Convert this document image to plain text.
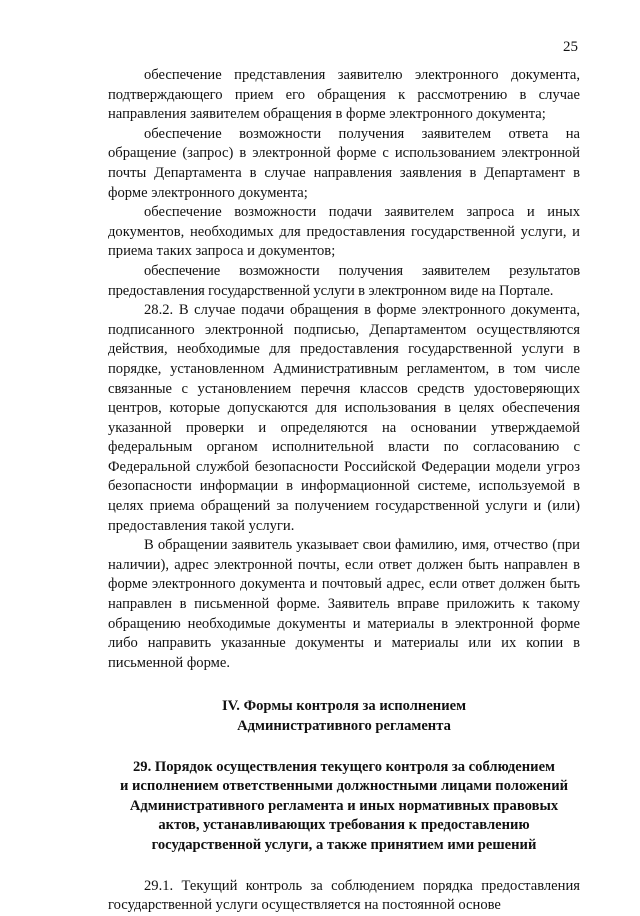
25

обеспечение представления заявителю электронного документа, подтверждающего прием его обращения к рассмотрению в случае направления заявителем обращения в форме электронного документа;

обеспечение возможности получения заявителем ответа на обращение (запрос) в электронной форме с использованием электронной почты Департамента в случае направления заявления в Департамент в форме электронного документа;

обеспечение возможности подачи заявителем запроса и иных документов, необходимых для предоставления государственной услуги, и приема таких запроса и документов;

обеспечение возможности получения заявителем результатов предоставления государственной услуги в электронном виде на Портале.

28.2. В случае подачи обращения в форме электронного документа, подписанного электронной подписью, Департаментом осуществляются действия, необходимые для предоставления государственной услуги в порядке, установленном Административным регламентом, в том числе связанные с установлением перечня классов средств удостоверяющих центров, которые допускаются для использования в целях обеспечения указанной проверки и определяются на основании утверждаемой федеральным органом исполнительной власти по согласованию с Федеральной службой безопасности Российской Федерации модели угроз безопасности информации в информационной системе, используемой в целях приема обращений за получением государственной услуги и (или) предоставления такой услуги.

В обращении заявитель указывает свои фамилию, имя, отчество (при наличии), адрес электронной почты, если ответ должен быть направлен в форме электронного документа и почтовый адрес, если ответ должен быть направлен в письменной форме. Заявитель вправе приложить к такому обращению необходимые документы и материалы в электронной форме либо направить указанные документы и материалы или их копии в письменной форме.

IV. Формы контроля за исполнением
Административного регламента
29. Порядок осуществления текущего контроля за соблюдением
и исполнением ответственными должностными лицами положений
Административного регламента и иных нормативных правовых
актов, устанавливающих требования к предоставлению
государственной услуги, а также принятием ими решений

29.1. Текущий контроль за соблюдением порядка предоставления государственной услуги осуществляется на постоянной основе
